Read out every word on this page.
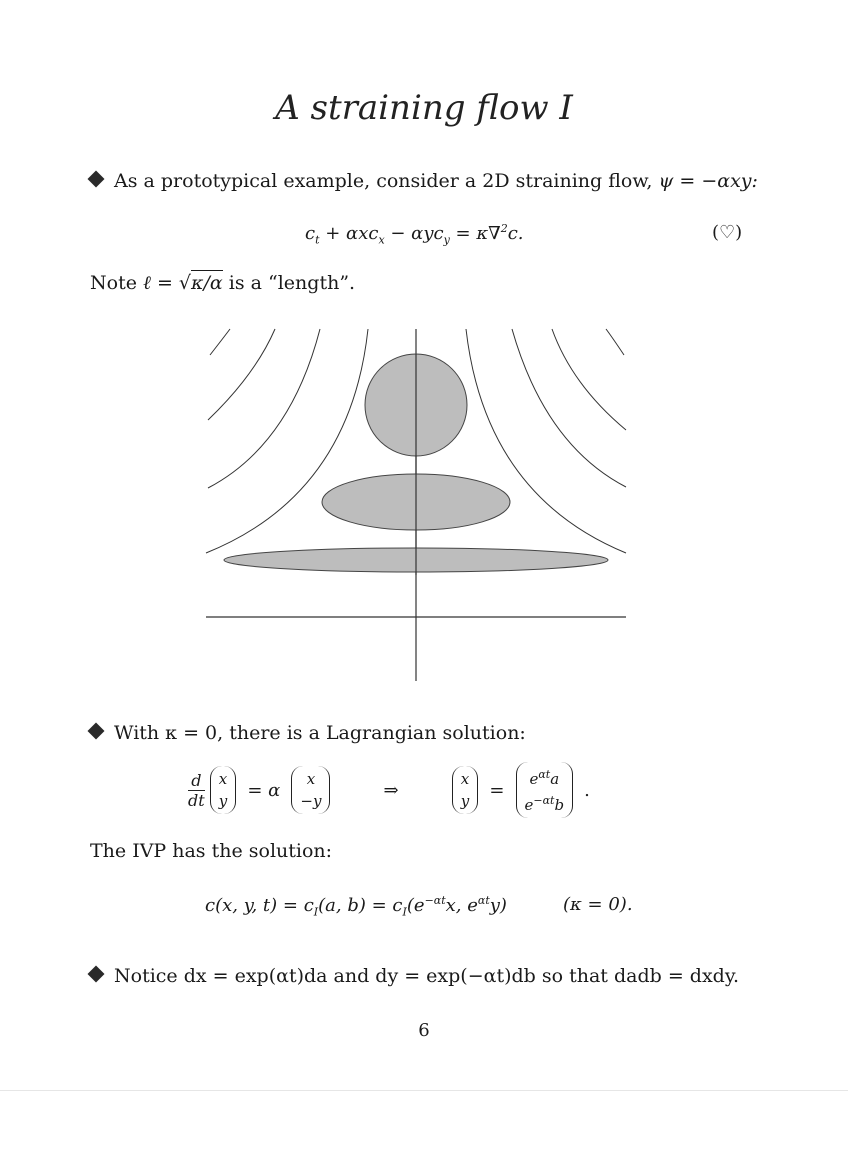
A straining flow I
As a prototypical example, consider a 2D straining flow, ψ = −αxy:
$c_t + \alpha xc_x - \alpha yc_y = \kappa\nabla^2c$.	(♡)
Note ℓ = √κ/α is a “length”.
With κ = 0, there is a Lagrangian solution:
$\frac{d}{dt}$
x
y
= α
x
−y
⇒
x
y
=
$e^{\alpha t}a$
$e^{-\alpha t}b$
.
The IVP has the solution:
c(x, y, $t) = c_I(a$, $b) = c_I(e^{-\alpha t}x$, $e^{\alpha t}y$)	(κ = 0).
Notice dx = exp(αt)da and dy = exp(−αt)db so that dadb = dxdy.
6
